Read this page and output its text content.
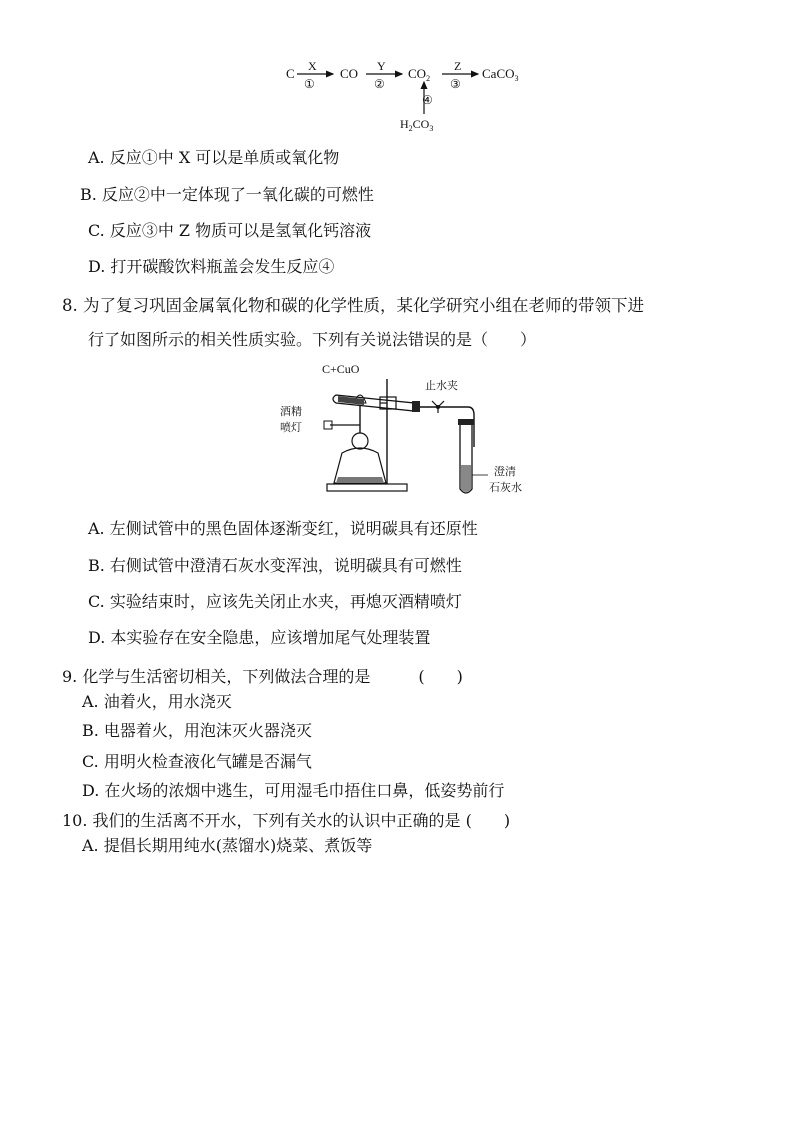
C X
①
CO Y
②
$CO_2$
Z
③
CaCO$_3$
④
$H_2CO_3$
A. 反应①中 X 可以是单质或氧化物
B. 反应②中一定体现了一氧化碳的可燃性
C. 反应③中 Z 物质可以是氢氧化钙溶液
D. 打开碳酸饮料瓶盖会发生反应④
8. 为了复习巩固金属氧化物和碳的化学性质，某化学研究小组在老师的带领下进
行了如图所示的相关性质实验。下列有关说法错误的是（　　）
C+CuO
止水夹
酒精
喷灯
澄清
石灰水
A. 左侧试管中的黑色固体逐渐变红，说明碳具有还原性
B. 右侧试管中澄清石灰水变浑浊，说明碳具有可燃性
C. 实验结束时，应该先关闭止水夹，再熄灭酒精喷灯
D. 本实验存在安全隐患，应该增加尾气处理装置
9. 化学与生活密切相关，下列做法合理的是　　　(　　)
A. 油着火，用水浇灭
B. 电器着火，用泡沫灭火器浇灭
C. 用明火检查液化气罐是否漏气
D. 在火场的浓烟中逃生，可用湿毛巾捂住口鼻，低姿势前行
10. 我们的生活离不开水，下列有关水的认识中正确的是 (　　)
A. 提倡长期用纯水(蒸馏水)烧菜、煮饭等
